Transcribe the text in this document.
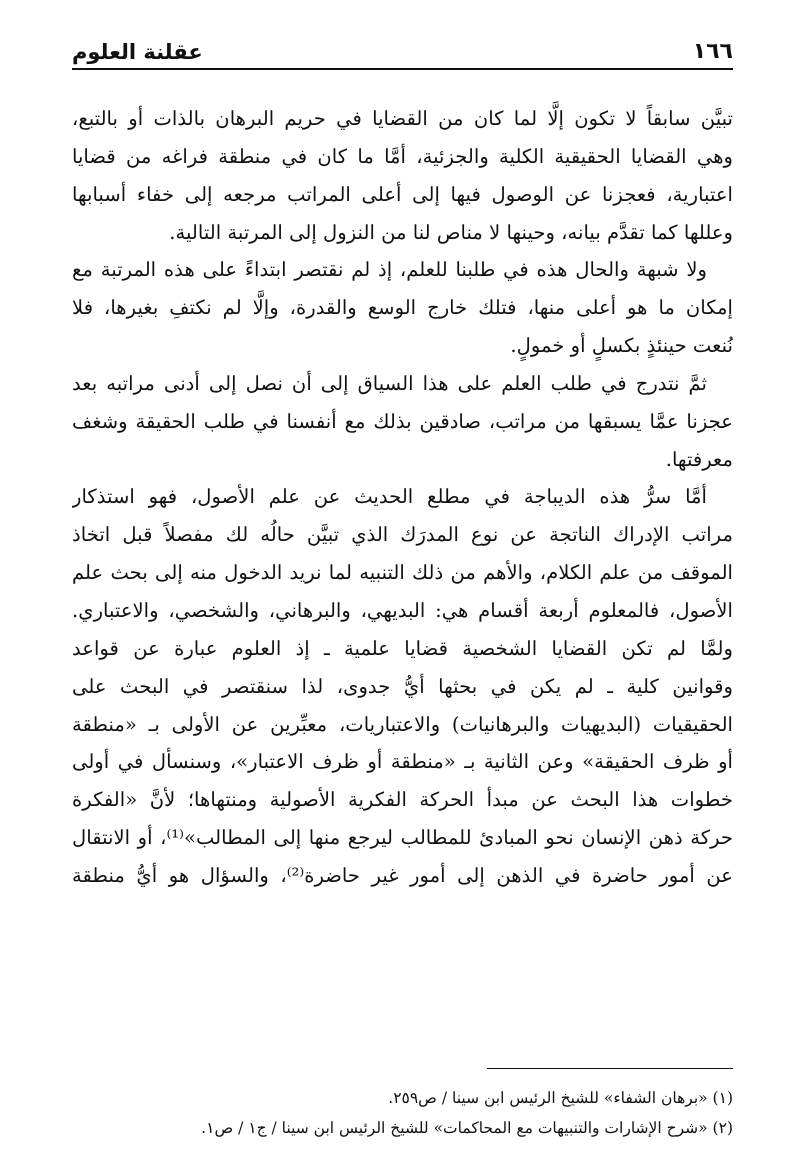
١٦٦
عقلنة العلوم
تبيَّن سابقاً لا تكون إلَّا لما كان من القضايا في حريم البرهان بالذات أو بالتبع،
وهي القضايا الحقيقية الكلية والجزئية، أمَّا ما كان في منطقة فراغه من قضايا
اعتبارية، فعجزنا عن الوصول فيها إلى أعلى المراتب مرجعه إلى خفاء أسبابها
وعللها كما تقدَّم بيانه، وحينها لا مناص لنا من النزول إلى المرتبة التالية.
ولا شبهة والحال هذه في طلبنا للعلم، إذ لم نقتصر ابتداءً على هذه المرتبة مع
إمكان ما هو أعلى منها، فتلك خارج الوسع والقدرة، وإلَّا لم نكتفِ بغيرها، فلا
نُنعت حينئذٍ بكسلٍ أو خمولٍ.
ثمَّ نتدرج في طلب العلم على هذا السياق إلى أن نصل إلى أدنى مراتبه بعد
عجزنا عمَّا يسبقها من مراتب، صادقين بذلك مع أنفسنا في طلب الحقيقة وشغف
معرفتها.
أمَّا سرُّ هذه الديباجة في مطلع الحديث عن علم الأصول، فهو استذكار
مراتب الإدراك الناتجة عن نوع المدرَك الذي تبيَّن حالُه لك مفصلاً قبل اتخاذ
الموقف من علم الكلام، والأهم من ذلك التنبيه لما نريد الدخول منه إلى بحث علم
الأصول، فالمعلوم أربعة أقسام هي: البديهي، والبرهاني، والشخصي، والاعتباري.
ولمَّا لم تكن القضايا الشخصية قضايا علمية ـ إذ العلوم عبارة عن قواعد
وقوانين كلية ـ لم يكن في بحثها أيُّ جدوى، لذا سنقتصر في البحث على
الحقيقيات (البديهيات والبرهانيات) والاعتباريات، معبِّرين عن الأولى بـ «منطقة
أو ظرف الحقيقة» وعن الثانية بـ «منطقة أو ظرف الاعتبار»، وسنسأل في أولى
خطوات هذا البحث عن مبدأ الحركة الفكرية الأصولية ومنتهاها؛ لأنَّ «الفكرة
حركة ذهن الإنسان نحو المبادئ للمطالب ليرجع منها إلى المطالب»⁽¹⁾، أو الانتقال
عن أمور حاضرة في الذهن إلى أمور غير حاضرة⁽²⁾، والسؤال هو أيُّ منطقة
(١) «برهان الشفاء» للشيخ الرئيس ابن سينا / ص٢٥٩.
(٢) «شرح الإشارات والتنبيهات مع المحاكمات» للشيخ الرئيس ابن سينا / ج١ / ص١.
